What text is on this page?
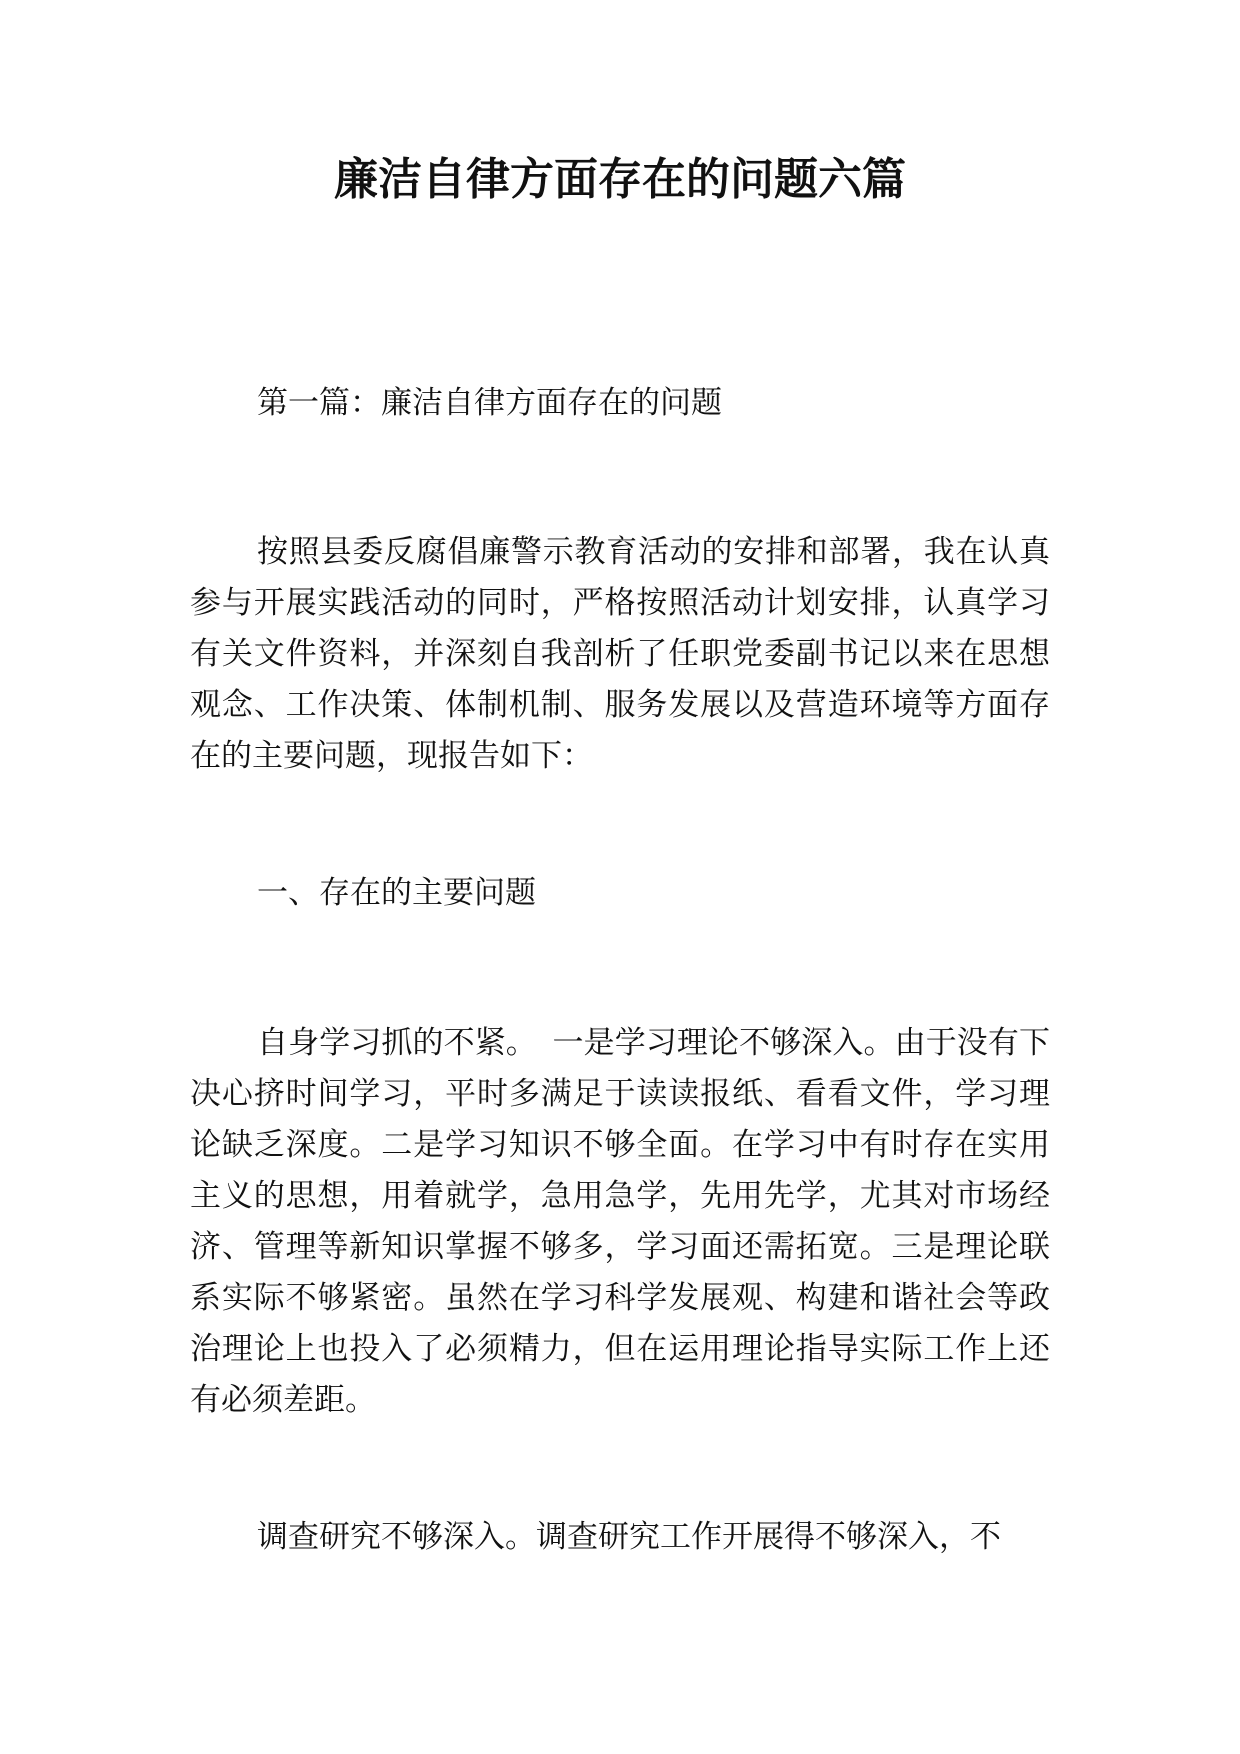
廉洁自律方面存在的问题六篇

第一篇：廉洁自律方面存在的问题

按照县委反腐倡廉警示教育活动的安排和部署，我在认真参与开展实践活动的同时，严格按照活动计划安排，认真学习有关文件资料，并深刻自我剖析了任职党委副书记以来在思想观念、工作决策、体制机制、服务发展以及营造环境等方面存在的主要问题，现报告如下：

一、存在的主要问题

自身学习抓的不紧。　一是学习理论不够深入。由于没有下决心挤时间学习，平时多满足于读读报纸、看看文件，学习理论缺乏深度。二是学习知识不够全面。在学习中有时存在实用主义的思想，用着就学，急用急学，先用先学，尤其对市场经济、管理等新知识掌握不够多，学习面还需拓宽。三是理论联系实际不够紧密。虽然在学习科学发展观、构建和谐社会等政治理论上也投入了必须精力，但在运用理论指导实际工作上还有必须差距。

调查研究不够深入。调查研究工作开展得不够深入，不
